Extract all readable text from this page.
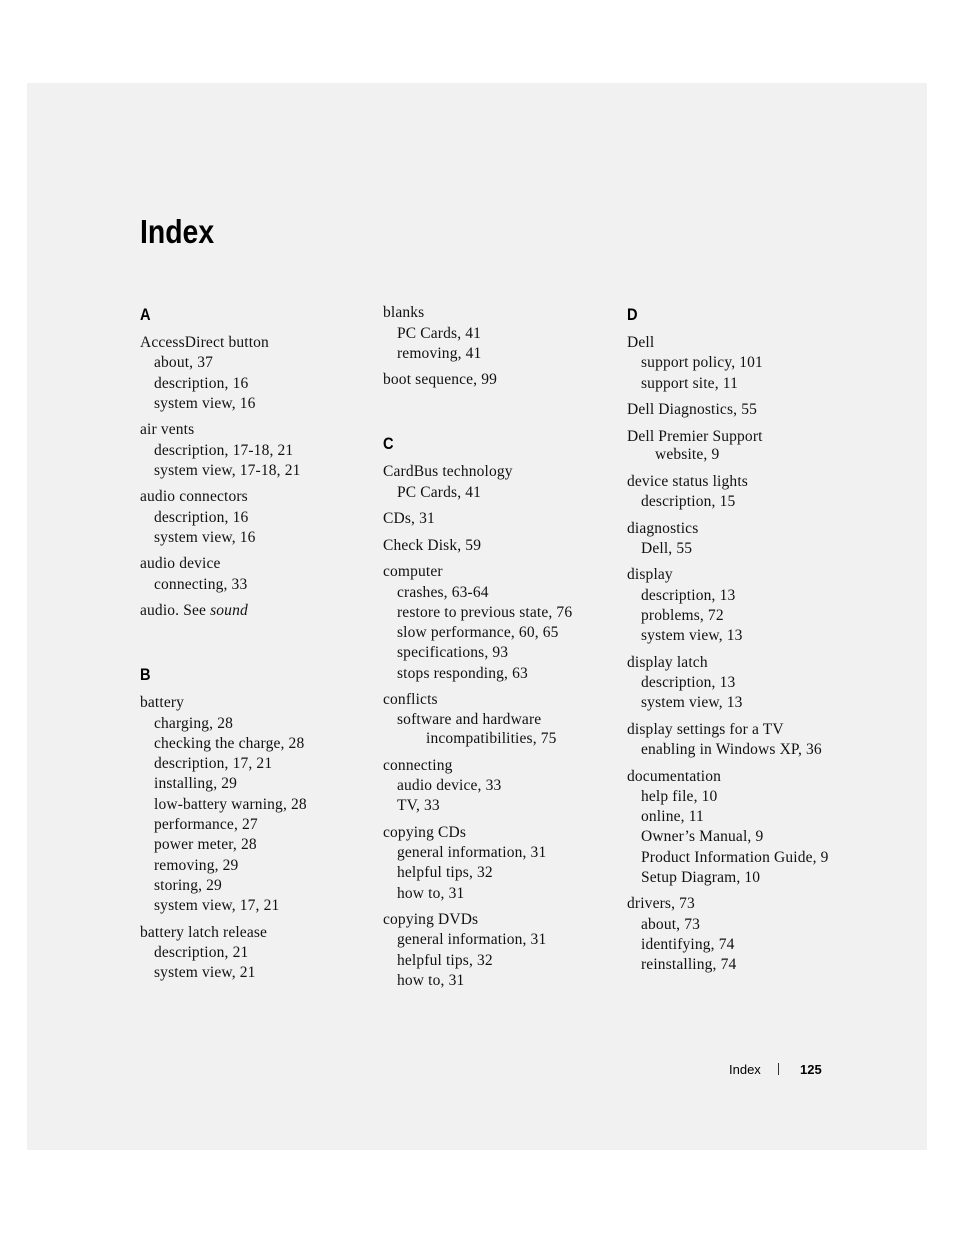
Index
A
AccessDirect button
about, 37
description, 16
system view, 16
air vents
description, 17-18, 21
system view, 17-18, 21
audio connectors
description, 16
system view, 16
audio device
connecting, 33
audio. See sound
B
battery
charging, 28
checking the charge, 28
description, 17, 21
installing, 29
low-battery warning, 28
performance, 27
power meter, 28
removing, 29
storing, 29
system view, 17, 21
battery latch release
description, 21
system view, 21
blanks
PC Cards, 41
removing, 41
boot sequence, 99
C
CardBus technology
PC Cards, 41
CDs, 31
Check Disk, 59
computer
crashes, 63-64
restore to previous state, 76
slow performance, 60, 65
specifications, 93
stops responding, 63
conflicts
software and hardware
incompatibilities, 75
connecting
audio device, 33
TV, 33
copying CDs
general information, 31
helpful tips, 32
how to, 31
copying DVDs
general information, 31
helpful tips, 32
how to, 31
D
Dell
support policy, 101
support site, 11
Dell Diagnostics, 55
Dell Premier Support
website, 9
device status lights
description, 15
diagnostics
Dell, 55
display
description, 13
problems, 72
system view, 13
display latch
description, 13
system view, 13
display settings for a TV
enabling in Windows XP, 36
documentation
help file, 10
online, 11
Owner’s Manual, 9
Product Information Guide, 9
Setup Diagram, 10
drivers, 73
about, 73
identifying, 74
reinstalling, 74
Index	125
